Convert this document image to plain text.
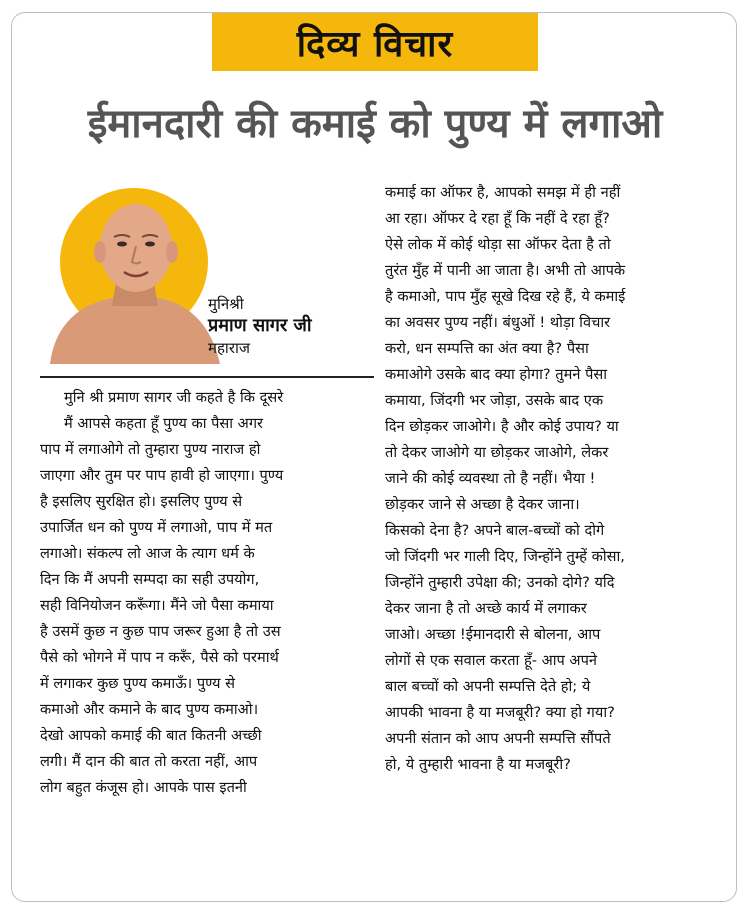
दिव्य विचार
ईमानदारी की कमाई को पुण्य में लगाओ
मुनिश्री
प्रमाण सागर जी
महाराज
मुनि श्री प्रमाण सागर जी कहते है कि दूसरे
मैं आपसे कहता हूँ पुण्य का पैसा अगर
पाप में लगाओगे तो तुम्हारा पुण्य नाराज हो
जाएगा और तुम पर पाप हावी हो जाएगा। पुण्य
है इसलिए सुरक्षित हो। इसलिए पुण्य से
उपार्जित धन को पुण्य में लगाओ, पाप में मत
लगाओ। संकल्प लो आज के त्याग धर्म के
दिन कि मैं अपनी सम्पदा का सही उपयोग,
सही विनियोजन करूँगा। मैंने जो पैसा कमाया
है उसमें कुछ न कुछ पाप जरूर हुआ है तो उस
पैसे को भोगने में पाप न करूँ, पैसे को परमार्थ
में लगाकर कुछ पुण्य कमाऊँ। पुण्य से
कमाओ और कमाने के बाद पुण्य कमाओ।
देखो आपको कमाई की बात कितनी अच्छी
लगी। मैं दान की बात तो करता नहीं, आप
लोग बहुत कंजूस हो। आपके पास इतनी
कमाई का ऑफर है, आपको समझ में ही नहीं
आ रहा। ऑफर दे रहा हूँ कि नहीं दे रहा हूँ?
ऐसे लोक में कोई थोड़ा सा ऑफर देता है तो
तुरंत मुँह में पानी आ जाता है। अभी तो आपके
है कमाओ, पाप मुँह सूखे दिख रहे हैं, ये कमाई
का अवसर पुण्य नहीं। बंधुओं ! थोड़ा विचार
करो, धन सम्पत्ति का अंत क्या है? पैसा
कमाओगे उसके बाद क्या होगा? तुमने पैसा
कमाया, जिंदगी भर जोड़ा, उसके बाद एक
दिन छोड़कर जाओगे। है और कोई उपाय? या
तो देकर जाओगे या छोड़कर जाओगे, लेकर
जाने की कोई व्यवस्था तो है नहीं। भैया !
छोड़कर जाने से अच्छा है देकर जाना।
किसको देना है? अपने बाल-बच्चों को दोगे
जो जिंदगी भर गाली दिए, जिन्होंने तुम्हें कोसा,
जिन्होंने तुम्हारी उपेक्षा की; उनको दोगे? यदि
देकर जाना है तो अच्छे कार्य में लगाकर
जाओ। अच्छा !ईमानदारी से बोलना, आप
लोगों से एक सवाल करता हूँ- आप अपने
बाल बच्चों को अपनी सम्पत्ति देते हो; ये
आपकी भावना है या मजबूरी? क्या हो गया?
अपनी संतान को आप अपनी सम्पत्ति सौंपते
हो, ये तुम्हारी भावना है या मजबूरी?
